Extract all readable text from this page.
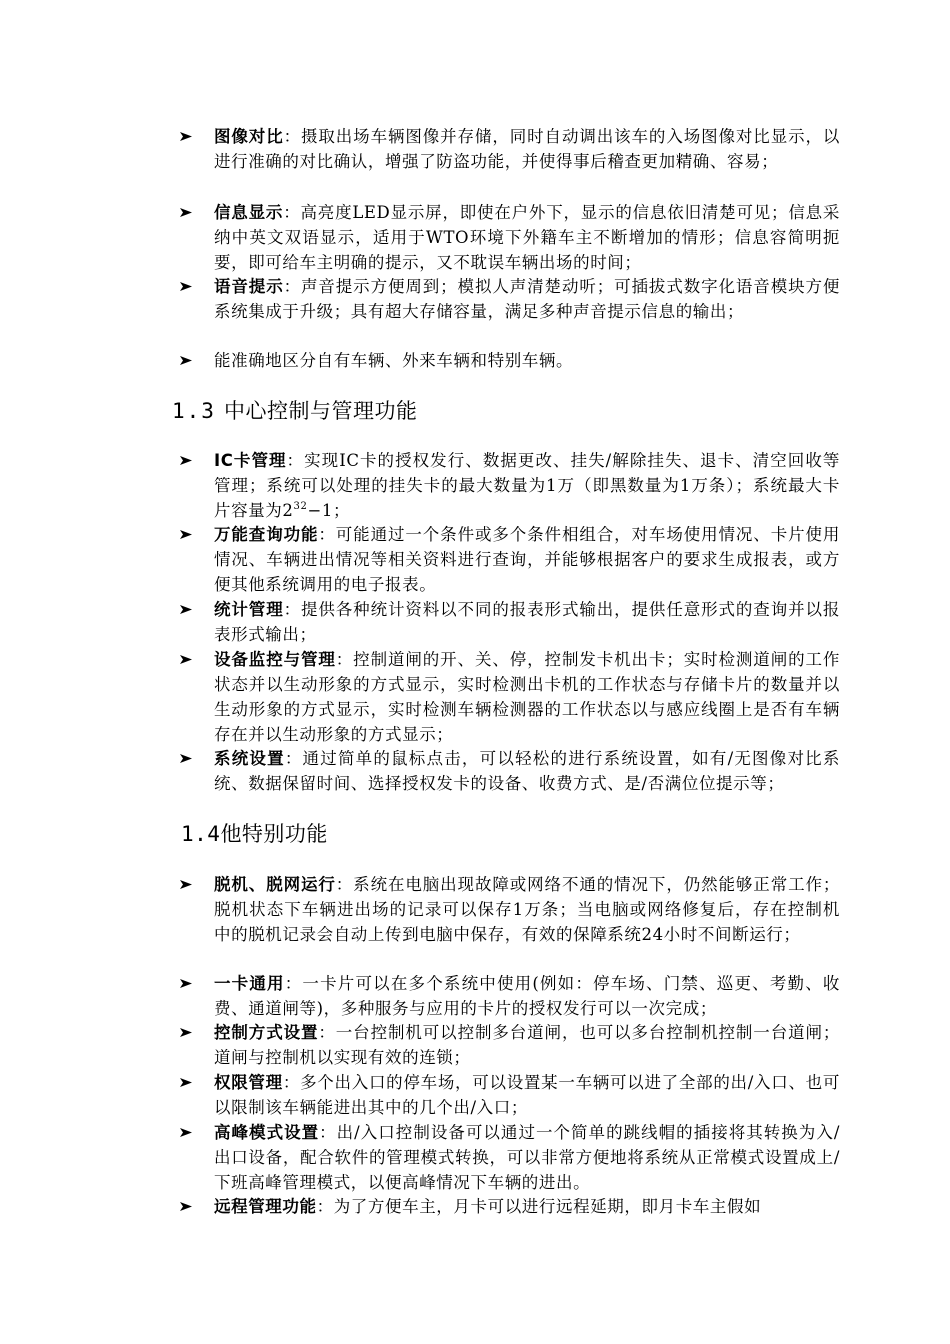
图像对比：摄取出场车辆图像并存储，同时自动调出该车的入场图像对比显示，以进行准确的对比确认，增强了防盗功能，并使得事后稽查更加精确、容易；
信息显示：高亮度LED显示屏，即使在户外下，显示的信息依旧清楚可见；信息采纳中英文双语显示，适用于WTO环境下外籍车主不断增加的情形；信息容简明扼要，即可给车主明确的提示，又不耽误车辆出场的时间；
语音提示：声音提示方便周到；模拟人声清楚动听；可插拔式数字化语音模块方便系统集成于升级；具有超大存储容量，满足多种声音提示信息的输出；
能准确地区分自有车辆、外来车辆和特别车辆。
1.3 中心控制与管理功能
IC卡管理：实现IC卡的授权发行、数据更改、挂失/解除挂失、退卡、清空回收等管理；系统可以处理的挂失卡的最大数量为1万（即黑数量为1万条）；系统最大卡片容量为$2^{32}-1$；
万能查询功能：可能通过一个条件或多个条件相组合，对车场使用情况、卡片使用情况、车辆进出情况等相关资料进行查询，并能够根据客户的要求生成报表，或方便其他系统调用的电子报表。
统计管理：提供各种统计资料以不同的报表形式输出，提供任意形式的查询并以报表形式输出；
设备监控与管理：控制道闸的开、关、停，控制发卡机出卡；实时检测道闸的工作状态并以生动形象的方式显示，实时检测出卡机的工作状态与存储卡片的数量并以生动形象的方式显示，实时检测车辆检测器的工作状态以与感应线圈上是否有车辆存在并以生动形象的方式显示；
系统设置：通过简单的鼠标点击，可以轻松的进行系统设置，如有/无图像对比系统、数据保留时间、选择授权发卡的设备、收费方式、是/否满位位提示等；
1.4他特别功能
脱机、脱网运行：系统在电脑出现故障或网络不通的情况下，仍然能够正常工作；脱机状态下车辆进出场的记录可以保存1万条；当电脑或网络修复后，存在控制机中的脱机记录会自动上传到电脑中保存，有效的保障系统24小时不间断运行；
一卡通用：一卡片可以在多个系统中使用(例如：停车场、门禁、巡更、考勤、收费、通道闸等)，多种服务与应用的卡片的授权发行可以一次完成；
控制方式设置：一台控制机可以控制多台道闸，也可以多台控制机控制一台道闸；道闸与控制机以实现有效的连锁；
权限管理：多个出入口的停车场，可以设置某一车辆可以进了全部的出/入口、也可以限制该车辆能进出其中的几个出/入口；
高峰模式设置：出/入口控制设备可以通过一个简单的跳线帽的插接将其转换为入/出口设备，配合软件的管理模式转换，可以非常方便地将系统从正常模式设置成上/下班高峰管理模式，以便高峰情况下车辆的进出。
远程管理功能：为了方便车主，月卡可以进行远程延期，即月卡车主假如
